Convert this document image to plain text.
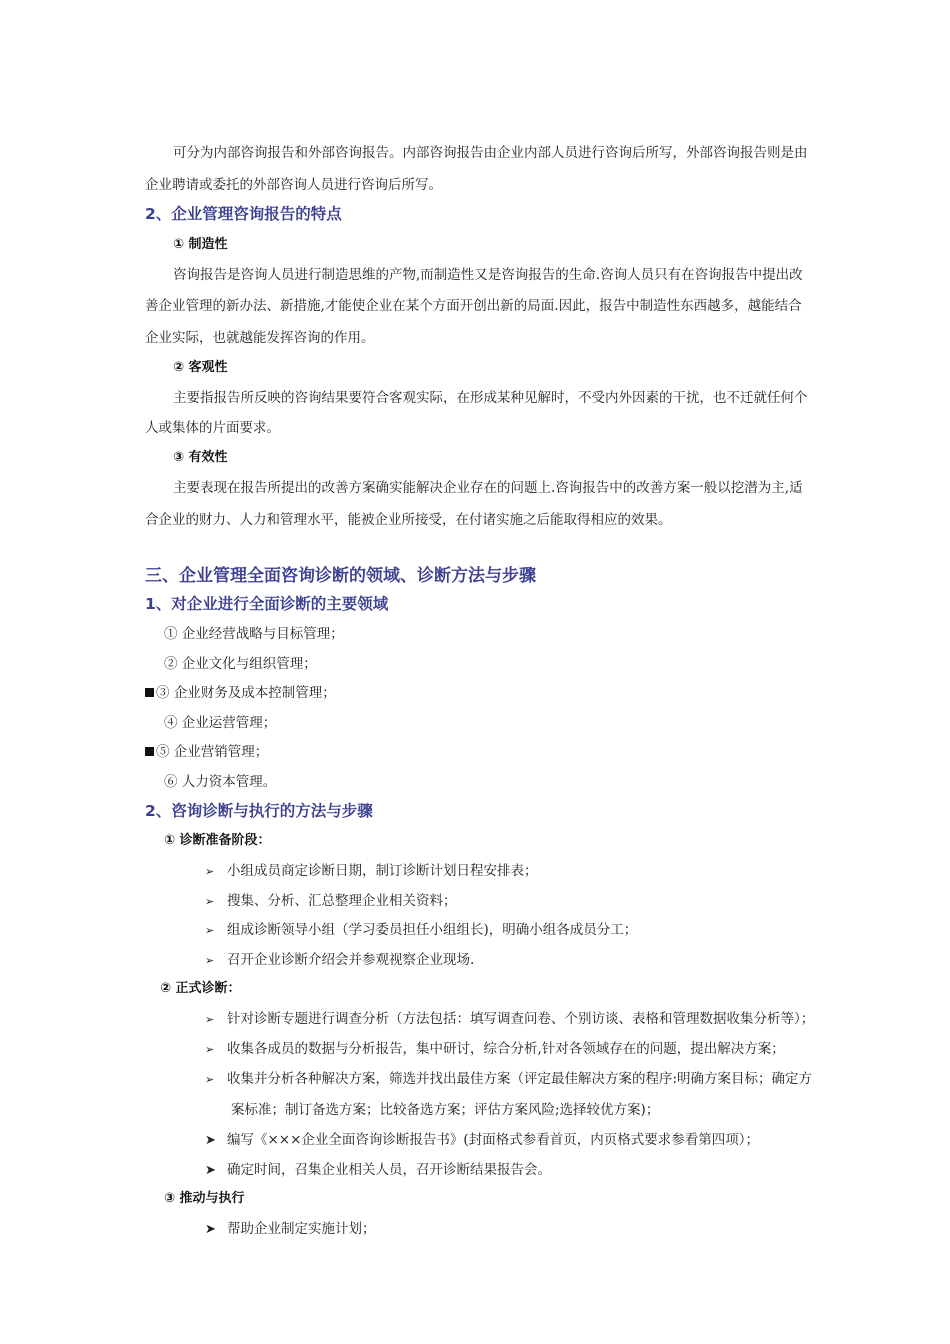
可分为内部咨询报告和外部咨询报告。内部咨询报告由企业内部人员进行咨询后所写，外部咨询报告则是由
企业聘请或委托的外部咨询人员进行咨询后所写。
2、企业管理咨询报告的特点
① 制造性
咨询报告是咨询人员进行制造思维的产物,而制造性又是咨询报告的生命.咨询人员只有在咨询报告中提出改
善企业管理的新办法、新措施,才能使企业在某个方面开创出新的局面.因此，报告中制造性东西越多，越能结合
企业实际，也就越能发挥咨询的作用。
② 客观性
主要指报告所反映的咨询结果要符合客观实际，在形成某种见解时，不受内外因素的干扰，也不迁就任何个
人或集体的片面要求。
③ 有效性
主要表现在报告所提出的改善方案确实能解决企业存在的问题上.咨询报告中的改善方案一般以挖潜为主,适
合企业的财力、人力和管理水平，能被企业所接受，在付诸实施之后能取得相应的效果。
三、企业管理全面咨询诊断的领域、诊断方法与步骤
1、对企业进行全面诊断的主要领域
① 企业经营战略与目标管理；
② 企业文化与组织管理；
③ 企业财务及成本控制管理；
④ 企业运营管理；
⑤ 企业营销管理；
⑥ 人力资本管理。
2、咨询诊断与执行的方法与步骤
① 诊断准备阶段：
➢ 小组成员商定诊断日期，制订诊断计划日程安排表；
➢ 搜集、分析、汇总整理企业相关资料；
➢ 组成诊断领导小组（学习委员担任小组组长)，明确小组各成员分工；
➢ 召开企业诊断介绍会并参观视察企业现场.
② 正式诊断：
➢ 针对诊断专题进行调查分析（方法包括：填写调查问卷、个别访谈、表格和管理数据收集分析等）；
➢ 收集各成员的数据与分析报告，集中研讨，综合分析,针对各领域存在的问题，提出解决方案；
➢ 收集并分析各种解决方案，筛选并找出最佳方案（评定最佳解决方案的程序:明确方案目标；确定方
案标准；制订备选方案；比较备选方案；评估方案风险;选择较优方案)；
➤ 编写《×××企业全面咨询诊断报告书》(封面格式参看首页，内页格式要求参看第四项）；
➤ 确定时间，召集企业相关人员，召开诊断结果报告会。
③ 推动与执行
➤ 帮助企业制定实施计划；
